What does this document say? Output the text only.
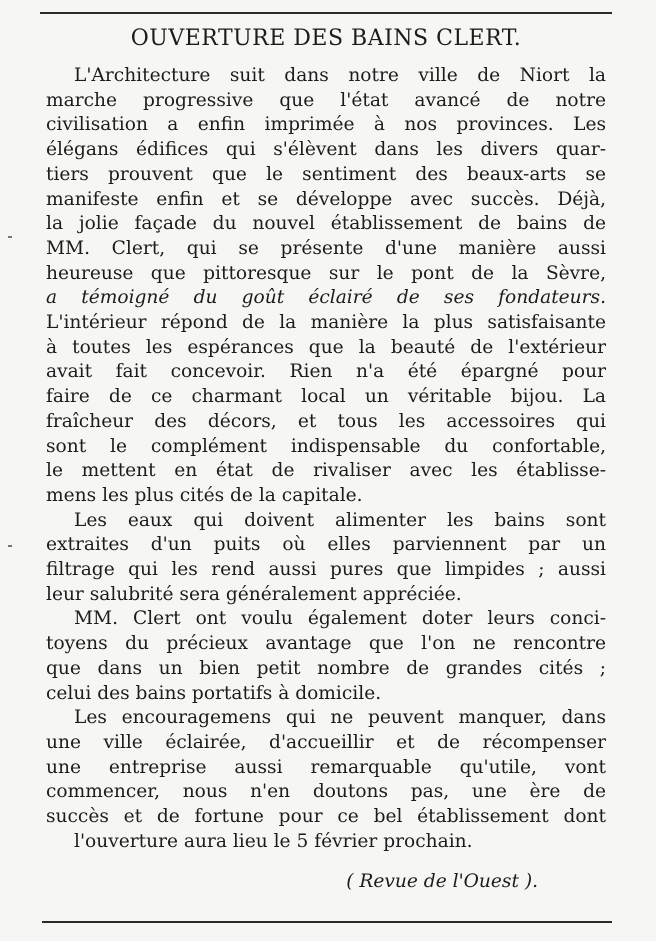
OUVERTURE DES BAINS CLERT.

L'Architecture suit dans notre ville de Niort la
marche progressive que l'état avancé de notre
civilisation a enfin imprimée à nos provinces. Les
élégans édifices qui s'élèvent dans les divers quar-
tiers prouvent que le sentiment des beaux-arts se
manifeste enfin et se développe avec succès. Déjà,
la jolie façade du nouvel établissement de bains de
MM. Clert, qui se présente d'une manière aussi
heureuse que pittoresque sur le pont de la Sèvre,
a témoigné du goût éclairé de ses fondateurs.
L'intérieur répond de la manière la plus satisfaisante
à toutes les espérances que la beauté de l'extérieur
avait fait concevoir. Rien n'a été épargné pour
faire de ce charmant local un véritable bijou. La
fraîcheur des décors, et tous les accessoires qui
sont le complément indispensable du confortable,
le mettent en état de rivaliser avec les établisse-
mens les plus cités de la capitale.

Les eaux qui doivent alimenter les bains sont
extraites d'un puits où elles parviennent par un
filtrage qui les rend aussi pures que limpides ; aussi
leur salubrité sera généralement appréciée.

MM. Clert ont voulu également doter leurs conci-
toyens du précieux avantage que l'on ne rencontre
que dans un bien petit nombre de grandes cités ;
celui des bains portatifs à domicile.

Les encouragemens qui ne peuvent manquer, dans
une ville éclairée, d'accueillir et de récompenser
une entreprise aussi remarquable qu'utile, vont
commencer, nous n'en doutons pas, une ère de
succès et de fortune pour ce bel établissement dont
l'ouverture aura lieu le 5 février prochain.

( Revue de l'Ouest ).
